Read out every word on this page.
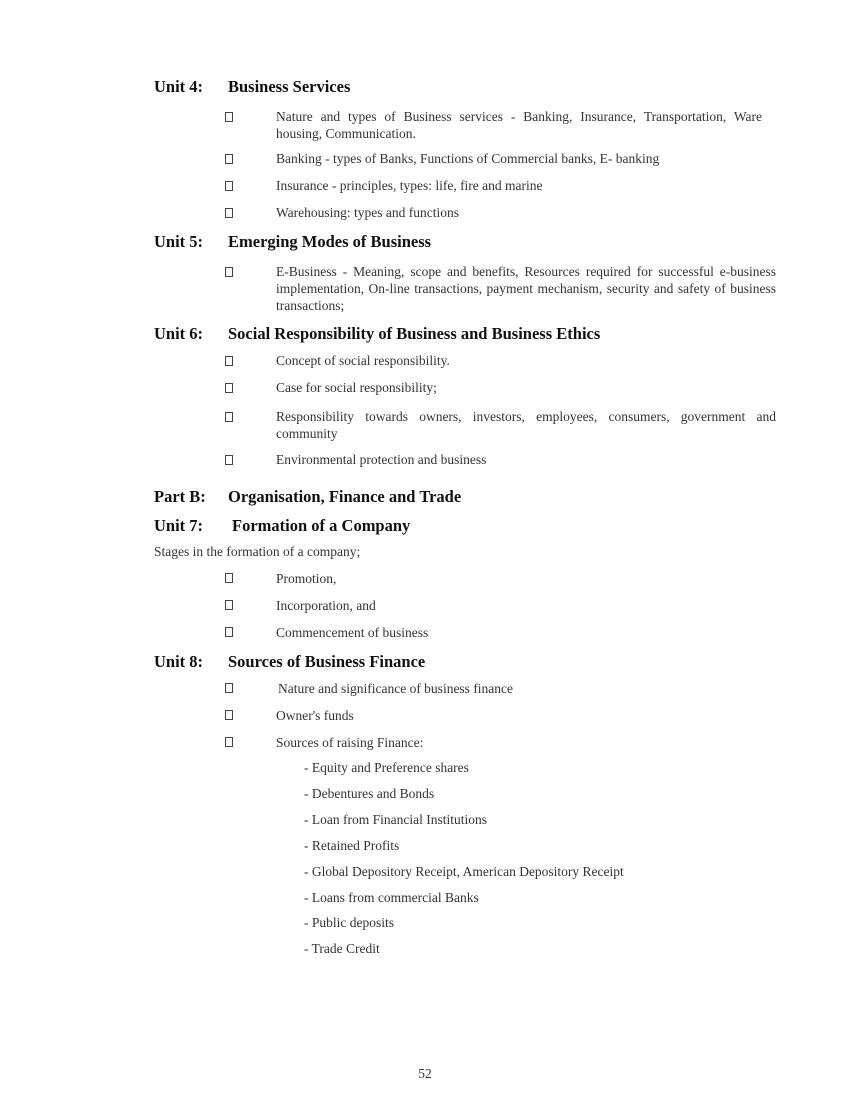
Unit 4: Business Services
Nature and types of Business services - Banking, Insurance, Transportation, Ware housing, Communication.
Banking - types of Banks, Functions of Commercial banks, E- banking
Insurance - principles, types: life, fire and marine
Warehousing: types and functions
Unit 5: Emerging Modes of Business
E-Business - Meaning, scope and benefits, Resources required for successful e-business implementation, On-line transactions, payment mechanism, security and safety of business transactions;
Unit 6: Social Responsibility of Business and Business Ethics
Concept of social responsibility.
Case for social responsibility;
Responsibility towards owners, investors, employees, consumers, government and community
Environmental protection and business
Part B: Organisation, Finance and Trade
Unit 7: Formation of a Company
Stages in the formation of a company;
Promotion,
Incorporation, and
Commencement of business
Unit 8: Sources of Business Finance
Nature and significance of business finance
Owner's funds
Sources of raising Finance:
- Equity and Preference shares
- Debentures and Bonds
- Loan from Financial Institutions
- Retained Profits
- Global Depository Receipt, American Depository Receipt
- Loans from commercial Banks
- Public deposits
- Trade Credit
52
